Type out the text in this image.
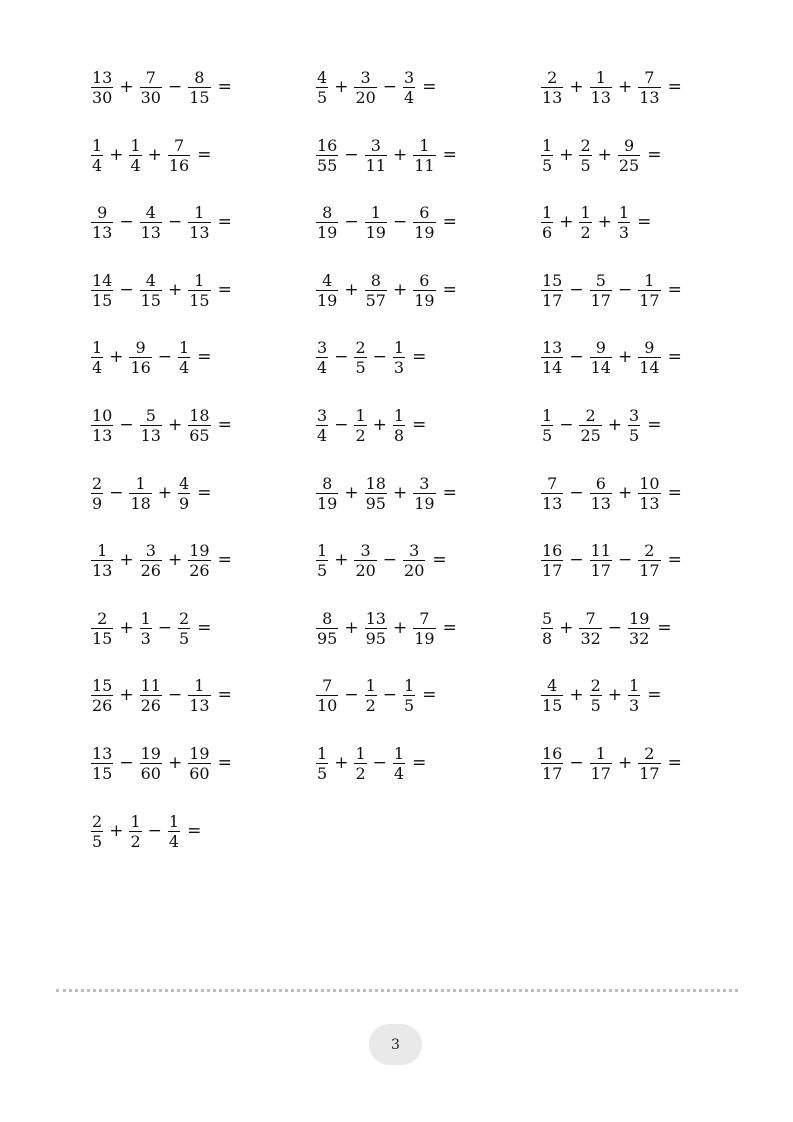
$\frac{13}{30} + \frac{7}{30} - \frac{8}{15}$ =	$\frac{4}{5} + \frac{3}{20} - \frac{3}{4}$ =	$\frac{2}{13} + \frac{1}{13} + \frac{7}{13}$ =
$\frac{1}{4} + \frac{1}{4} + \frac{7}{16}$ =	$\frac{16}{55} - \frac{3}{11} + \frac{1}{11}$ =	$\frac{1}{5} + \frac{2}{5} + \frac{9}{25}$ =
$\frac{9}{13} - \frac{4}{13} - \frac{1}{13}$ =	$\frac{8}{19} - \frac{1}{19} - \frac{6}{19}$ =	$\frac{1}{6} + \frac{1}{2} + \frac{1}{3}$ =
$\frac{14}{15} - \frac{4}{15} + \frac{1}{15}$ =	$\frac{4}{19} + \frac{8}{57} + \frac{6}{19}$ =	$\frac{15}{17} - \frac{5}{17} - \frac{1}{17}$ =
$\frac{1}{4} + \frac{9}{16} - \frac{1}{4}$ =	$\frac{3}{4} - \frac{2}{5} - \frac{1}{3}$ =	$\frac{13}{14} - \frac{9}{14} + \frac{9}{14}$ =
$\frac{10}{13} - \frac{5}{13} + \frac{18}{65}$ =	$\frac{3}{4} - \frac{1}{2} + \frac{1}{8}$ =	$\frac{1}{5} - \frac{2}{25} + \frac{3}{5}$ =
$\frac{2}{9} - \frac{1}{18} + \frac{4}{9}$ =	$\frac{8}{19} + \frac{18}{95} + \frac{3}{19}$ =	$\frac{7}{13} - \frac{6}{13} + \frac{10}{13}$ =
$\frac{1}{13} + \frac{3}{26} + \frac{19}{26}$ =	$\frac{1}{5} + \frac{3}{20} - \frac{3}{20}$ =	$\frac{16}{17} - \frac{11}{17} - \frac{2}{17}$ =
$\frac{2}{15} + \frac{1}{3} - \frac{2}{5}$ =	$\frac{8}{95} + \frac{13}{95} + \frac{7}{19}$ =	$\frac{5}{8} + \frac{7}{32} - \frac{19}{32}$ =
$\frac{15}{26} + \frac{11}{26} - \frac{1}{13}$ =	$\frac{7}{10} - \frac{1}{2} - \frac{1}{5}$ =	$\frac{4}{15} + \frac{2}{5} + \frac{1}{3}$ =
$\frac{13}{15} - \frac{19}{60} + \frac{19}{60}$ =	$\frac{1}{5} + \frac{1}{2} - \frac{1}{4}$ =	$\frac{16}{17} - \frac{1}{17} + \frac{2}{17}$ =
$\frac{2}{5} + \frac{1}{2} - \frac{1}{4}$ =
3
